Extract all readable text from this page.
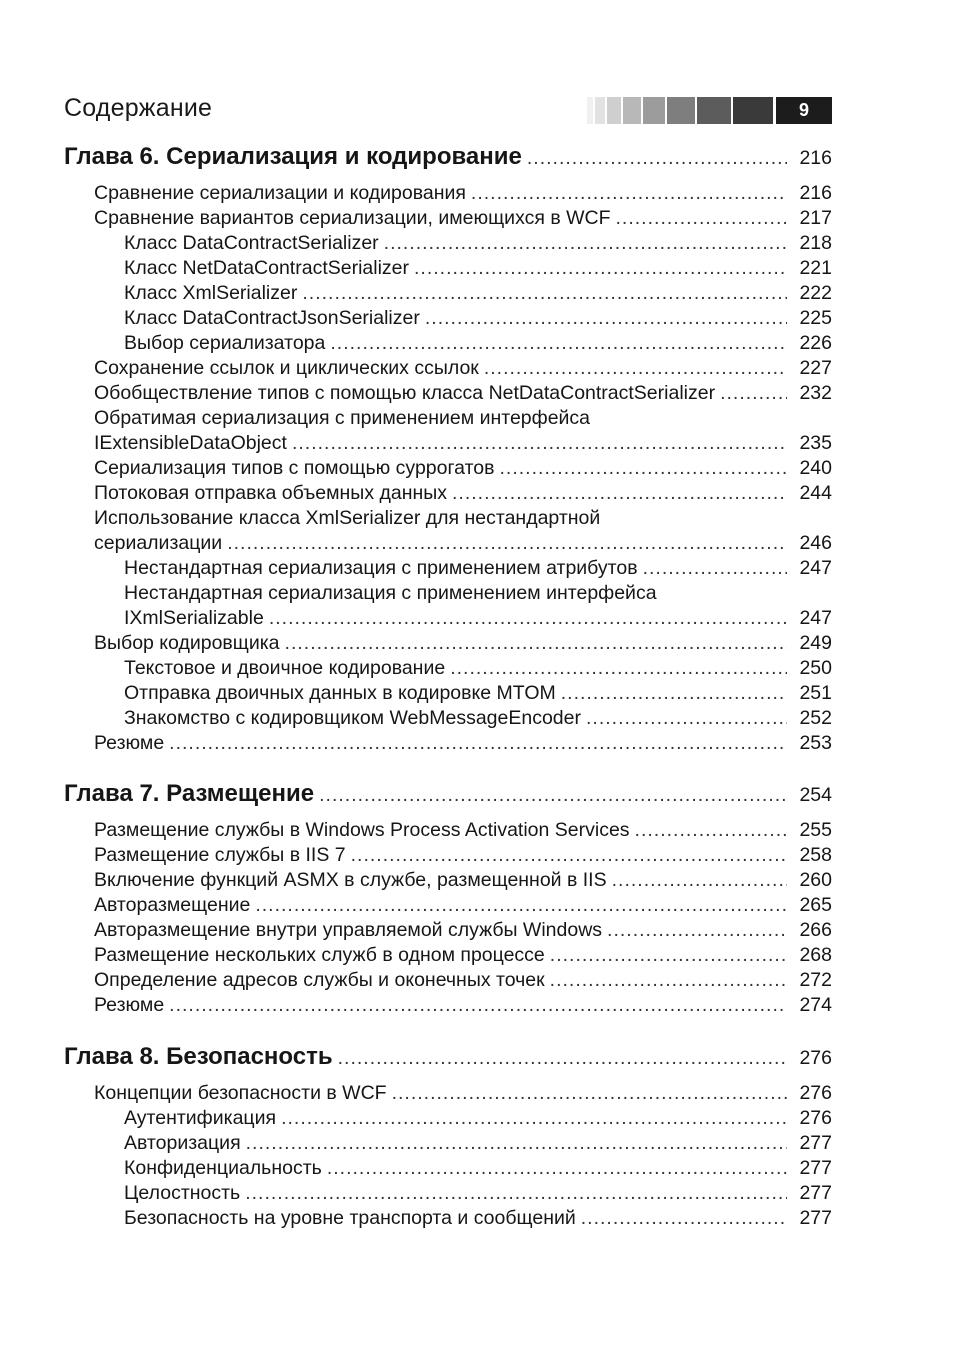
Содержание	9
Глава 6. Сериализация и кодирование .....	216
Сравнение сериализации и кодирования .....	216
Сравнение вариантов сериализации, имеющихся в WCF .....	217
Класс DataContractSerializer .....	218
Класс NetDataContractSerializer .....	221
Класс XmlSerializer .....	222
Класс DataContractJsonSerializer .....	225
Выбор сериализатора .....	226
Сохранение ссылок и циклических ссылок .....	227
Обобществление типов с помощью класса NetDataContractSerializer .....	232
Обратимая сериализация с применением интерфейса
IExtensibleDataObject .....	235
Сериализация типов с помощью суррогатов .....	240
Потоковая отправка объемных данных .....	244
Использование класса XmlSerializer для нестандартной
сериализации .....	246
Нестандартная сериализация с применением атрибутов .....	247
Нестандартная сериализация с применением интерфейса
IXmlSerializable .....	247
Выбор кодировщика .....	249
Текстовое и двоичное кодирование .....	250
Отправка двоичных данных в кодировке MTOM .....	251
Знакомство с кодировщиком WebMessageEncoder .....	252
Резюме .....	253
Глава 7. Размещение .....	254
Размещение службы в Windows Process Activation Services .....	255
Размещение службы в IIS 7 .....	258
Включение функций ASMX в службе, размещенной в IIS .....	260
Авторазмещение .....	265
Авторазмещение внутри управляемой службы Windows .....	266
Размещение нескольких служб в одном процессе .....	268
Определение адресов службы и оконечных точек .....	272
Резюме .....	274
Глава 8. Безопасность .....	276
Концепции безопасности в WCF .....	276
Аутентификация .....	276
Авторизация .....	277
Конфиденциальность .....	277
Целостность .....	277
Безопасность на уровне транспорта и сообщений .....	277
